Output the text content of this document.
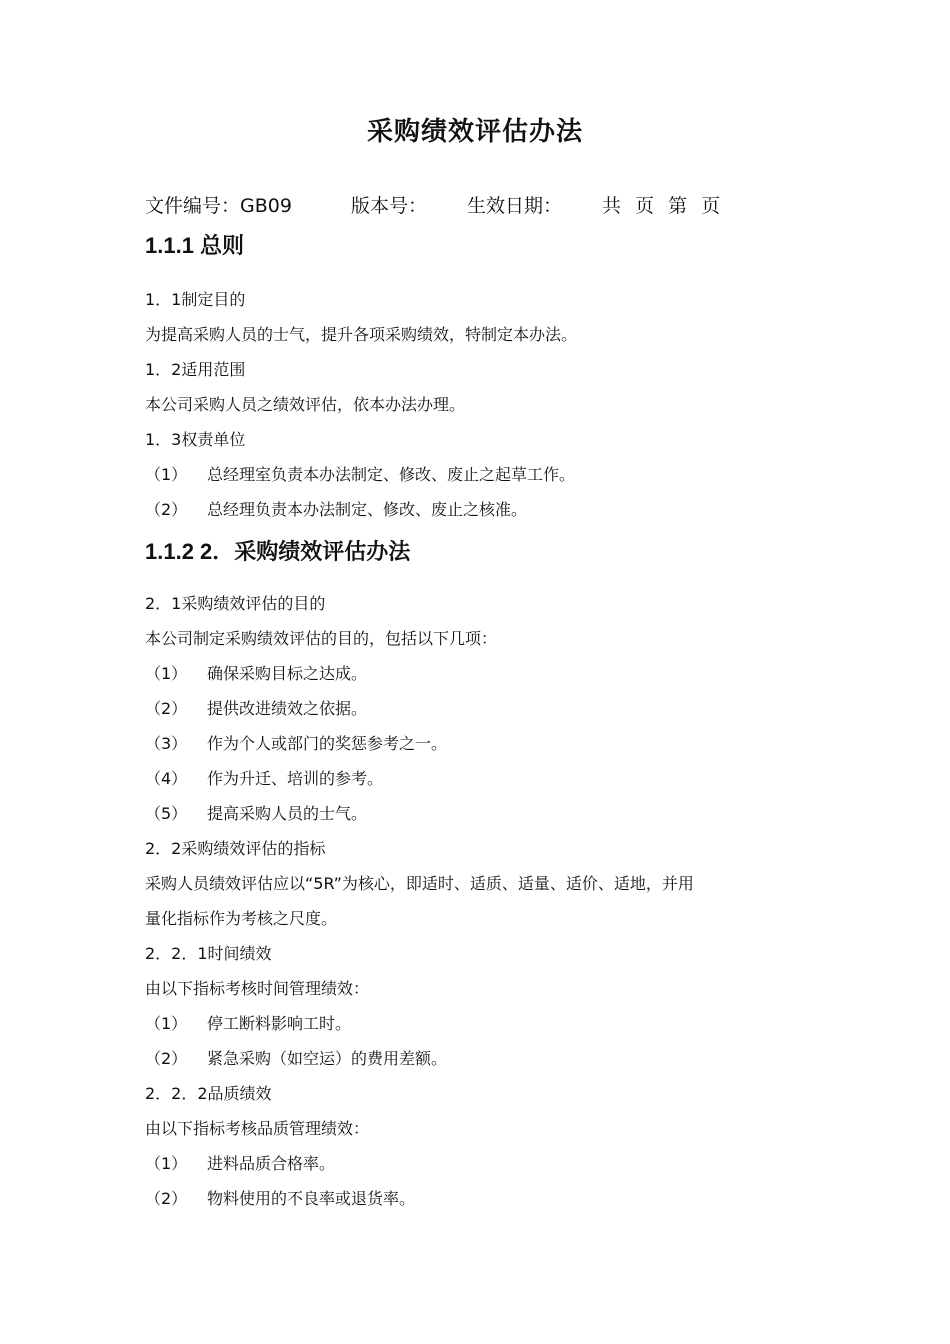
采购绩效评估办法
文件编号：GB09	版本号： 生效日期： 共 页 第 页
1.1.1 总则

1．1制定目的

为提高采购人员的士气，提升各项采购绩效，特制定本办法。

1．2适用范围

本公司采购人员之绩效评估，依本办法办理。

1．3权责单位

（1） 总经理室负责本办法制定、修改、废止之起草工作。

（2） 总经理负责本办法制定、修改、废止之核准。

1.1.2 2．采购绩效评估办法

2．1采购绩效评估的目的

本公司制定采购绩效评估的目的，包括以下几项：

（1） 确保采购目标之达成。

（2） 提供改进绩效之依据。

（3） 作为个人或部门的奖惩参考之一。

（4） 作为升迁、培训的参考。

（5） 提高采购人员的士气。

2．2采购绩效评估的指标

采购人员绩效评估应以“5R”为核心，即适时、适质、适量、适价、适地，并用

量化指标作为考核之尺度。

2．2．1时间绩效

由以下指标考核时间管理绩效：

（1） 停工断料影响工时。

（2） 紧急采购（如空运）的费用差额。

2．2．2品质绩效

由以下指标考核品质管理绩效：

（1） 进料品质合格率。

（2） 物料使用的不良率或退货率。
